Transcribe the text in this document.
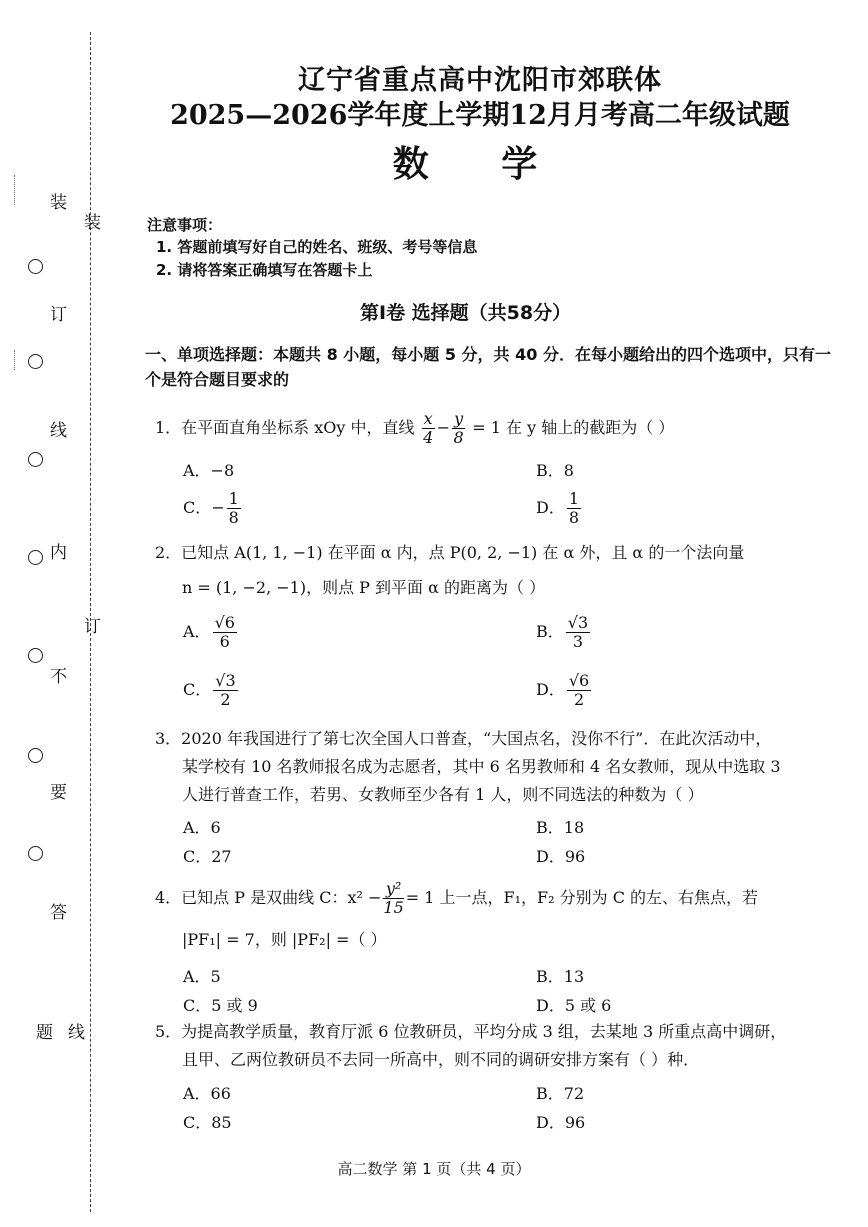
装
订
线
内
不
要
答
题
装
订
线
辽宁省重点高中沈阳市郊联体
2025—2026学年度上学期12月月考高二年级试题
数 学
注意事项：
1. 答题前填写好自己的姓名、班级、考号等信息
2. 请将答案正确填写在答题卡上
第Ⅰ卷 选择题（共58分）
一、单项选择题：本题共 8 小题，每小题 5 分，共 40 分．在每小题给出的四个选项中，只有一个是符合题目要求的
1．在平面直角坐标系 xOy 中，直线 $\frac{x}{4} - \frac{y}{8} = 1$ 在 y 轴上的截距为（ ）
A．−8	B．8
C．− $\frac{1}{8}$	D． $\frac{1}{8}$
2．已知点 A(1, 1, −1) 在平面 α 内，点 P(0, 2, −1) 在 α 外，且 α 的一个法向量
n = (1, −2, −1)，则点 P 到平面 α 的距离为（ ）
A． $\frac{√6}{6}$	B． $\frac{√3}{3}$
C． $\frac{√3}{2}$	D． $\frac{√6}{2}$
3．2020 年我国进行了第七次全国人口普查，“大国点名，没你不行”．在此次活动中，
某学校有 10 名教师报名成为志愿者，其中 6 名男教师和 4 名女教师，现从中选取 3
人进行普查工作，若男、女教师至少各有 1 人，则不同选法的种数为（ ）
A．6	B．18
C．27	D．96
4．已知点 P 是双曲线 C：$x^2 - \frac{\text{y²}}{15} = 1$ 上一点，F₁，F₂ 分别为 C 的左、右焦点，若
|PF₁| = 7，则 |PF₂| =（ ）
A．5	B．13
C．5 或 9	D．5 或 6
5．为提高教学质量，教育厅派 6 位教研员，平均分成 3 组，去某地 3 所重点高中调研，
且甲、乙两位教研员不去同一所高中，则不同的调研安排方案有（ ）种．
A．66	B．72
C．85	D．96
高二数学 第 1 页（共 4 页）
